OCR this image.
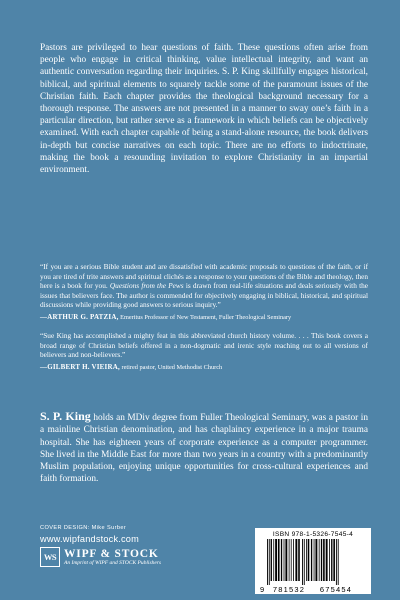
Pastors are privileged to hear questions of faith. These questions often arise from people who engage in critical thinking, value intellectual integrity, and want an authentic conversation regarding their inquiries. S. P. King skillfully engages historical, biblical, and spiritual elements to squarely tackle some of the paramount issues of the Christian faith. Each chapter provides the theological background necessary for a thorough response. The answers are not presented in a manner to sway one’s faith in a particular direction, but rather serve as a framework in which beliefs can be objectively examined. With each chapter capable of being a stand-alone resource, the book delivers in-depth but concise narratives on each topic. There are no efforts to indoctrinate, making the book a resounding invitation to explore Christianity in an impartial environment.

“If you are a serious Bible student and are dissatisfied with academic proposals to questions of the faith, or if you are tired of trite answers and spiritual clichés as a response to your questions of the Bible and theology, then here is a book for you. Questions from the Pews is drawn from real-life situations and deals seriously with the issues that believers face. The author is commended for objectively engaging in biblical, historical, and spiritual discussions while providing good answers to serious inquiry.”

—ARTHUR G. PATZIA, Emeritus Professor of New Testament, Fuller Theological Seminary

“Sue King has accomplished a mighty feat in this abbreviated church history volume. . . . This book covers a broad range of Christian beliefs offered in a non-dogmatic and irenic style reaching out to all versions of believers and non-believers.”

—GILBERT H. VIEIRA, retired pastor, United Methodist Church

S. P. King holds an MDiv degree from Fuller Theological Seminary, was a pastor in a mainline Christian denomination, and has chaplaincy experience in a major trauma hospital. She has eighteen years of corporate experience as a computer programmer. She lived in the Middle East for more than two years in a country with a predominantly Muslim population, enjoying unique opportunities for cross-cultural experiences and faith formation.

COVER DESIGN: Mike Surber
www.wipfandstock.com
WS WIPF & STOCK
An Imprint of WIPF and STOCK Publishers
ISBN 978-1-5326-7545-4
9 781532 675454
